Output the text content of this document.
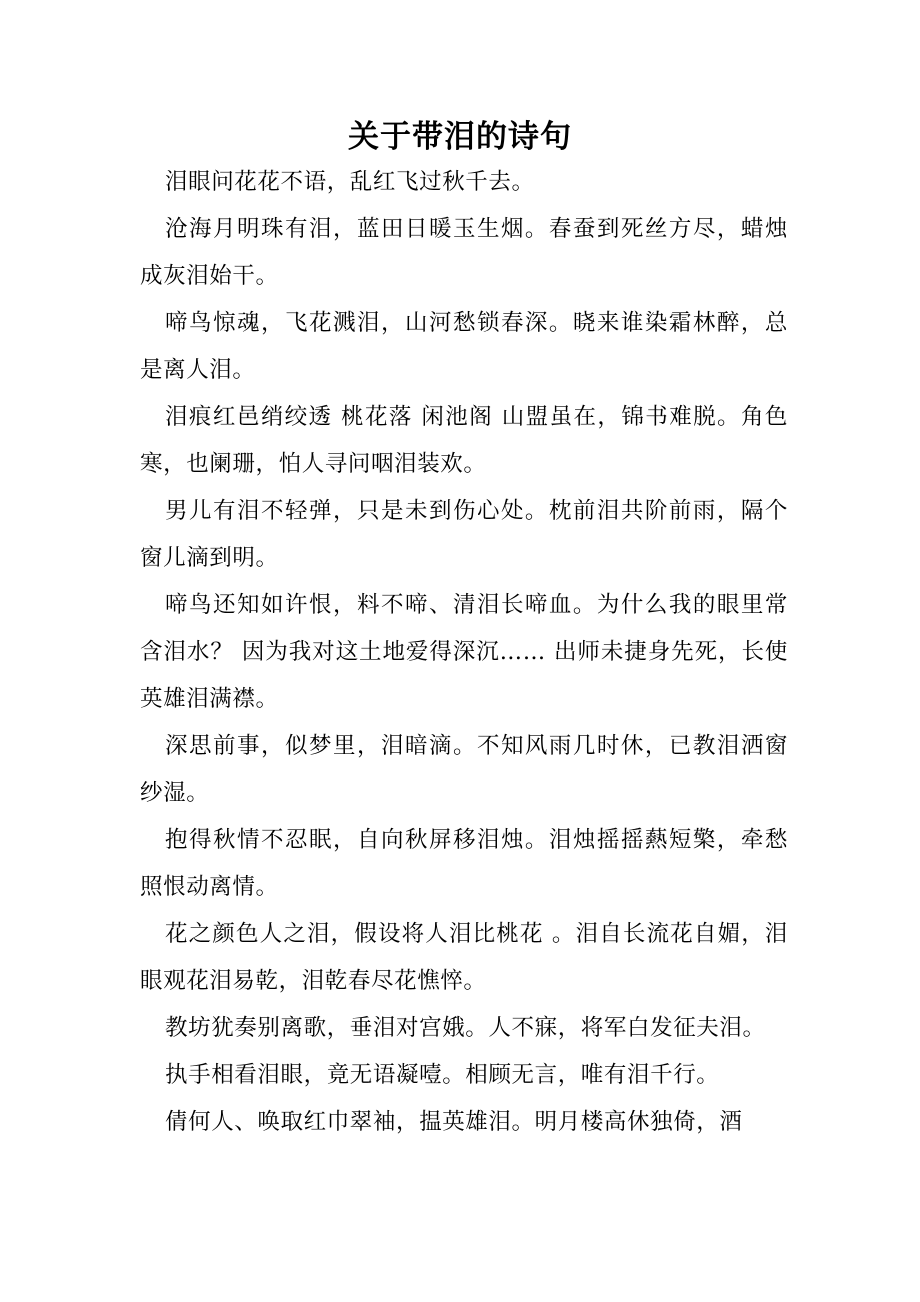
关于带泪的诗句

泪眼问花花不语，乱红飞过秋千去。

沧海月明珠有泪，蓝田日暖玉生烟。春蚕到死丝方尽，蜡烛成灰泪始干。

啼鸟惊魂，飞花溅泪，山河愁锁春深。晓来谁染霜林醉，总是离人泪。

泪痕红邑绡绞透 桃花落 闲池阁 山盟虽在，锦书难脱。角色寒，也阑珊，怕人寻问咽泪装欢。

男儿有泪不轻弹，只是未到伤心处。枕前泪共阶前雨，隔个窗儿滴到明。

啼鸟还知如许恨，料不啼、清泪长啼血。为什么我的眼里常含泪水？ 因为我对这土地爱得深沉…… 出师未捷身先死，长使英雄泪满襟。

深思前事，似梦里，泪暗滴。不知风雨几时休，已教泪洒窗纱湿。

抱得秋情不忍眠，自向秋屏移泪烛。泪烛摇摇爇短檠，牵愁照恨动离情。

花之颜色人之泪，假设将人泪比桃花 。泪自长流花自媚，泪眼观花泪易乾，泪乾春尽花憔悴。

教坊犹奏别离歌，垂泪对宫娥。人不寐，将军白发征夫泪。

执手相看泪眼，竟无语凝噎。相顾无言，唯有泪千行。

倩何人、唤取红巾翠袖，揾英雄泪。明月楼高休独倚，酒
